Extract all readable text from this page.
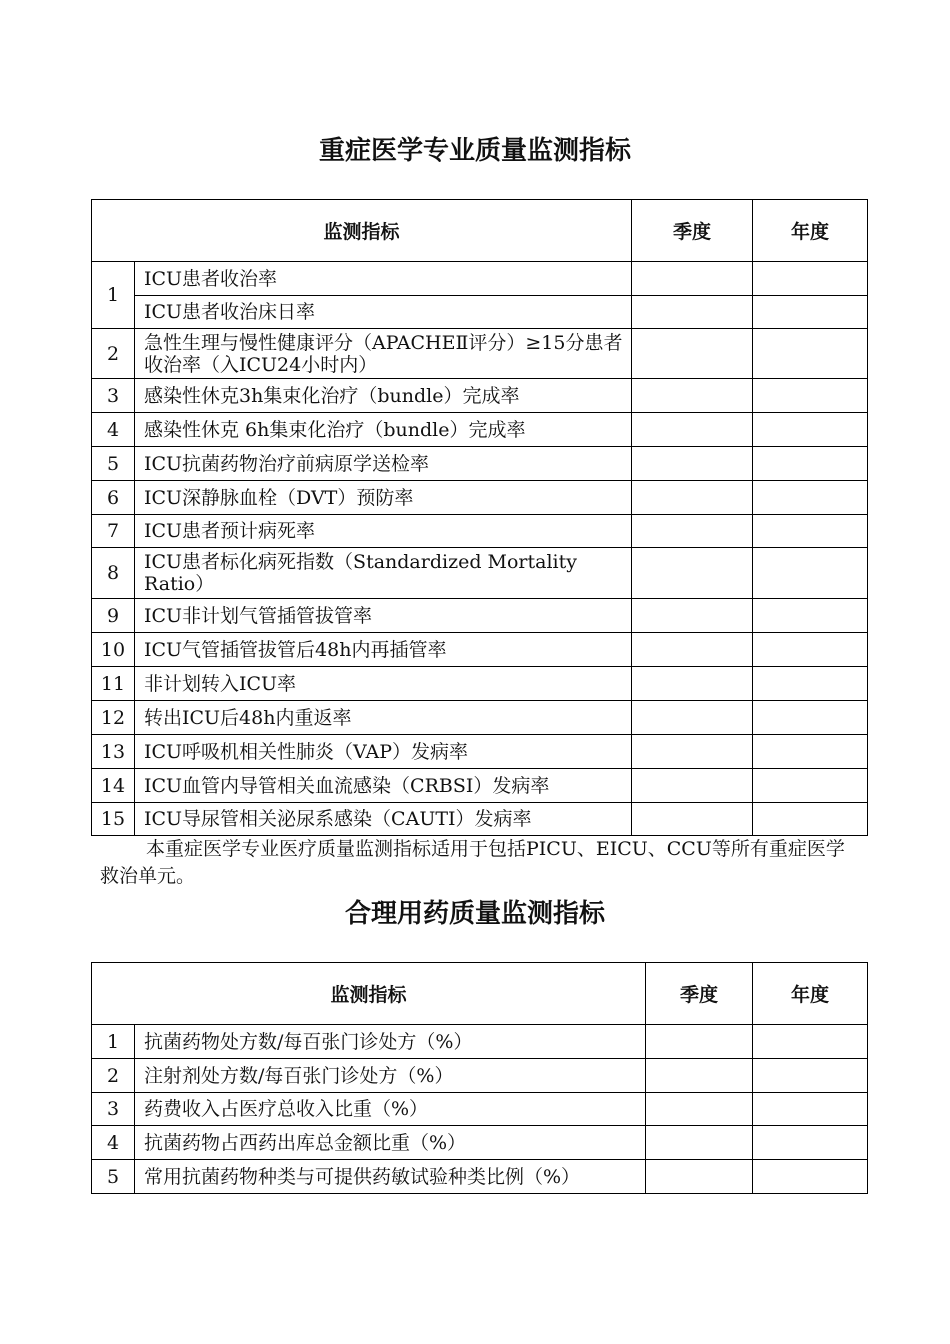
重症医学专业质量监测指标
监测指标		季度	年度
1	ICU患者收治率		
	ICU患者收治床日率		
2	急性生理与慢性健康评分（APACHEⅡ评分）≥15分患者收治率（入ICU24小时内）		
3	感染性休克3h集束化治疗（bundle）完成率		
4	感染性休克 6h集束化治疗（bundle）完成率		
5	ICU抗菌药物治疗前病原学送检率		
6	ICU深静脉血栓（DVT）预防率		
7	ICU患者预计病死率		
8	ICU患者标化病死指数（Standardized Mortality Ratio）		
9	ICU非计划气管插管拔管率		
10	ICU气管插管拔管后48h内再插管率		
11	非计划转入ICU率		
12	转出ICU后48h内重返率		
13	ICU呼吸机相关性肺炎（VAP）发病率		
14	ICU血管内导管相关血流感染（CRBSI）发病率		
15	ICU导尿管相关泌尿系感染（CAUTI）发病率		
本重症医学专业医疗质量监测指标适用于包括PICU、EICU、CCU等所有重症医学救治单元。
合理用药质量监测指标
监测指标		季度	年度
1	抗菌药物处方数/每百张门诊处方（%）		
2	注射剂处方数/每百张门诊处方（%）		
3	药费收入占医疗总收入比重（%）		
4	抗菌药物占西药出库总金额比重（%）		
5	常用抗菌药物种类与可提供药敏试验种类比例（%）		
